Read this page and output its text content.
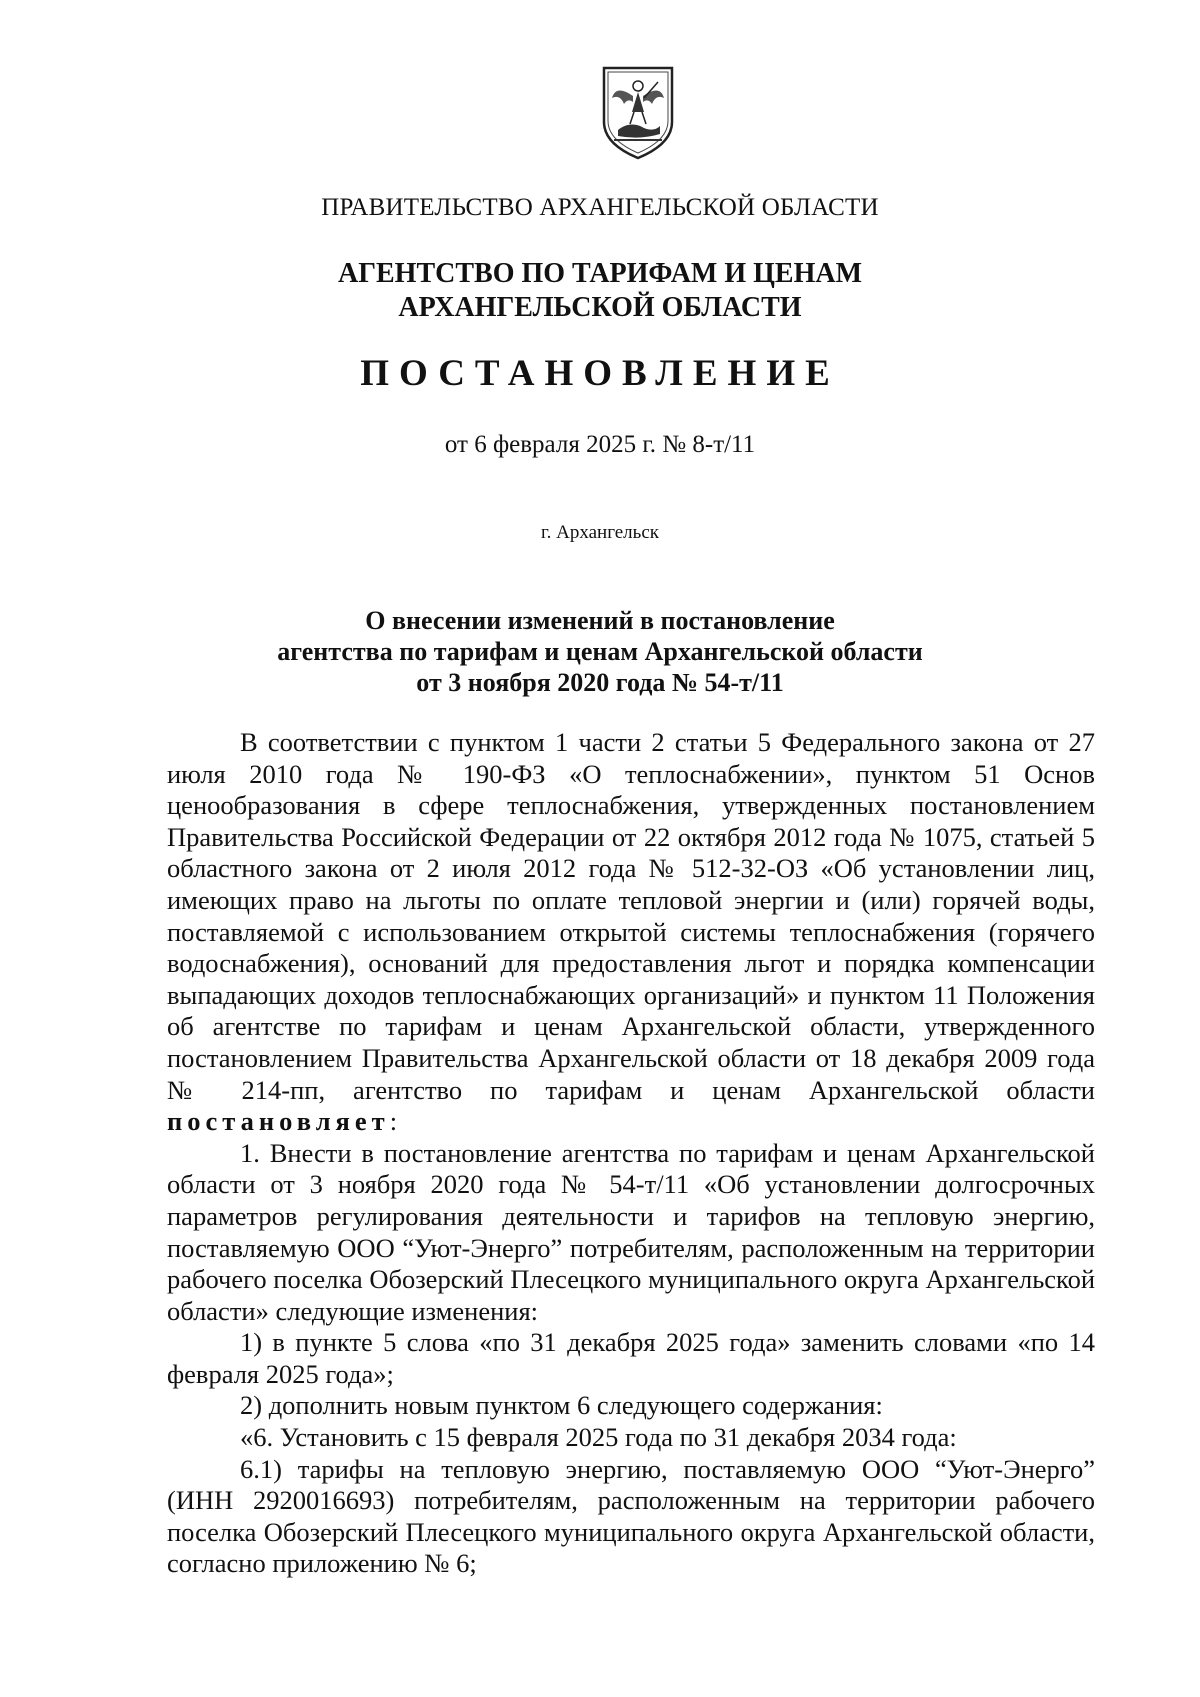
ПРАВИТЕЛЬСТВО АРХАНГЕЛЬСКОЙ ОБЛАСТИ
АГЕНТСТВО ПО ТАРИФАМ И ЦЕНАМ
АРХАНГЕЛЬСКОЙ ОБЛАСТИ
ПОСТАНОВЛЕНИЕ
от 6 февраля 2025 г. № 8-т/11
г. Архангельск
О внесении изменений в постановление
агентства по тарифам и ценам Архангельской области
от 3 ноября 2020 года № 54-т/11

В соответствии с пунктом 1 части 2 статьи 5 Федерального закона от 27 июля 2010 года № 190-ФЗ «О теплоснабжении», пунктом 51 Основ ценообразования в сфере теплоснабжения, утвержденных постановлением Правительства Российской Федерации от 22 октября 2012 года № 1075, статьей 5 областного закона от 2 июля 2012 года № 512-32-ОЗ «Об установлении лиц, имеющих право на льготы по оплате тепловой энергии и (или) горячей воды, поставляемой с использованием открытой системы теплоснабжения (горячего водоснабжения), оснований для предоставления льгот и порядка компенсации выпадающих доходов теплоснабжающих организаций» и пунктом 11 Положения об агентстве по тарифам и ценам Архангельской области, утвержденного постановлением Правительства Архангельской области от 18 декабря 2009 года № 214-пп, агентство по тарифам и ценам Архангельской области постановляет:

1. Внести в постановление агентства по тарифам и ценам Архангельской области от 3 ноября 2020 года № 54-т/11 «Об установлении долгосрочных параметров регулирования деятельности и тарифов на тепловую энергию, поставляемую ООО “Уют-Энерго” потребителям, расположенным на территории рабочего поселка Обозерский Плесецкого муниципального округа Архангельской области» следующие изменения:

1) в пункте 5 слова «по 31 декабря 2025 года» заменить словами «по 14 февраля 2025 года»;

2) дополнить новым пунктом 6 следующего содержания:

«6. Установить с 15 февраля 2025 года по 31 декабря 2034 года:

6.1) тарифы на тепловую энергию, поставляемую ООО “Уют-Энерго” (ИНН 2920016693) потребителям, расположенным на территории рабочего поселка Обозерский Плесецкого муниципального округа Архангельской области, согласно приложению № 6;
